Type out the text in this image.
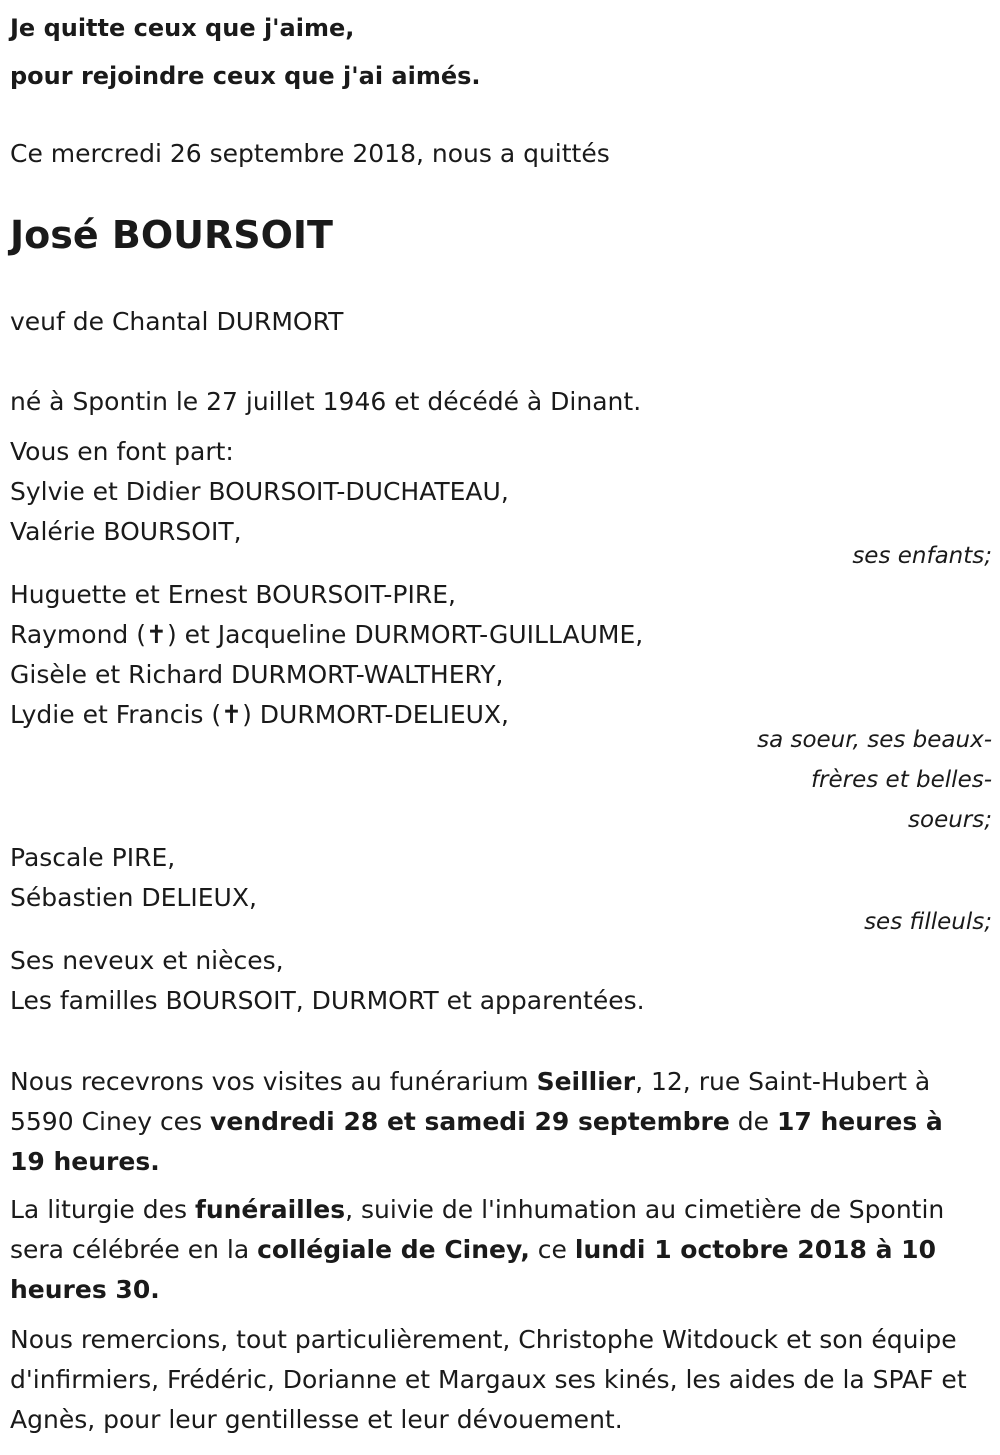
Je quitte ceux que j'aime,
pour rejoindre ceux que j'ai aimés.
Ce mercredi 26 septembre 2018, nous a quittés
José BOURSOIT
veuf de Chantal DURMORT
né à Spontin le 27 juillet 1946 et décédé à Dinant.
Vous en font part:
Sylvie et Didier BOURSOIT-DUCHATEAU,
Valérie BOURSOIT,
ses enfants;
Huguette et Ernest BOURSOIT-PIRE,
Raymond (✝) et Jacqueline DURMORT-GUILLAUME,
Gisèle et Richard DURMORT-WALTHERY,
Lydie et Francis (✝) DURMORT-DELIEUX,
sa soeur, ses beaux-
frères et belles-
soeurs;
Pascale PIRE,
Sébastien DELIEUX,
ses filleuls;
Ses neveux et nièces,
Les familles BOURSOIT, DURMORT et apparentées.
Nous recevrons vos visites au funérarium Seillier, 12, rue Saint-Hubert à 5590 Ciney ces vendredi 28 et samedi 29 septembre de 17 heures à 19 heures.
La liturgie des funérailles, suivie de l'inhumation au cimetière de Spontin sera célébrée en la collégiale de Ciney, ce lundi 1 octobre 2018 à 10 heures 30.
Nous remercions, tout particulièrement, Christophe Witdouck et son équipe d'infirmiers, Frédéric, Dorianne et Margaux ses kinés, les aides de la SPAF et Agnès, pour leur gentillesse et leur dévouement.
